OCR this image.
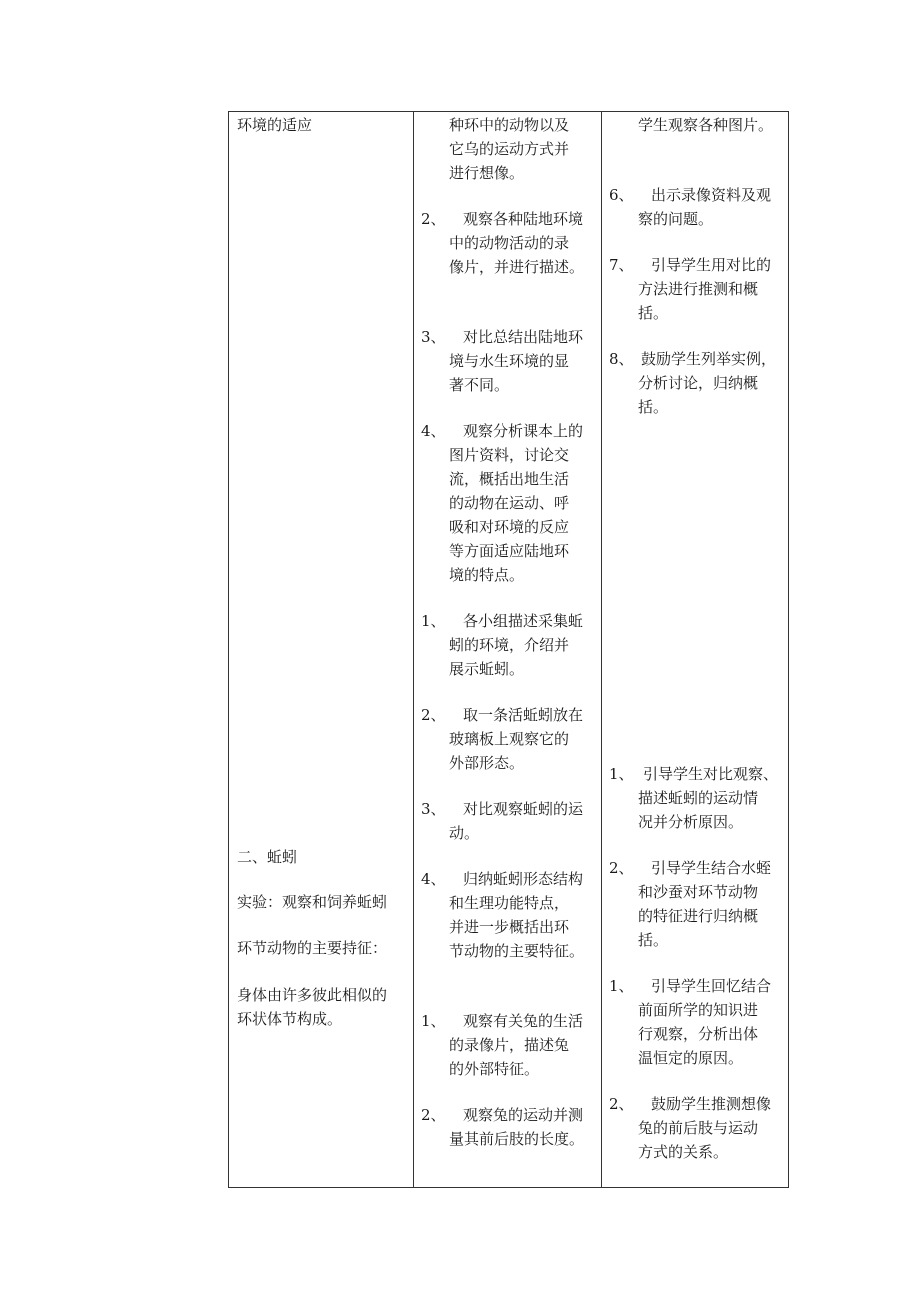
环境的适应
二、蚯蚓
实验：观察和饲养蚯蚓
环节动物的主要持征：
身体由许多彼此相似的
环状体节构成。
种环中的动物以及
它乌的运动方式并
进行想像。
2、 观察各种陆地环境
中的动物活动的录
像片，并进行描述。
3、 对比总结出陆地环
境与水生环境的显
著不同。
4、 观察分析课本上的
图片资料，讨论交
流，概括出地生活
的动物在运动、呼
吸和对环境的反应
等方面适应陆地环
境的特点。
1、 各小组描述采集蚯
蚓的环境，介绍并
展示蚯蚓。
2、 取一条活蚯蚓放在
玻璃板上观察它的
外部形态。
3、 对比观察蚯蚓的运
动。
4、 归纳蚯蚓形态结构
和生理功能特点，
并进一步概括出环
节动物的主要特征。
1、 观察有关兔的生活
的录像片，描述兔
的外部特征。
2、 观察兔的运动并测
量其前后肢的长度。
学生观察各种图片。
6、 出示录像资料及观
察的问题。
7、 引导学生用对比的
方法进行推测和概
括。
8、 鼓励学生列举实例，
分析讨论，归纳概
括。
1、 引导学生对比观察、
描述蚯蚓的运动情
况并分析原因。
2、 引导学生结合水蛭
和沙蚕对环节动物
的特征进行归纳概
括。
1、 引导学生回忆结合
前面所学的知识进
行观察，分析出体
温恒定的原因。
2、 鼓励学生推测想像
兔的前后肢与运动
方式的关系。
